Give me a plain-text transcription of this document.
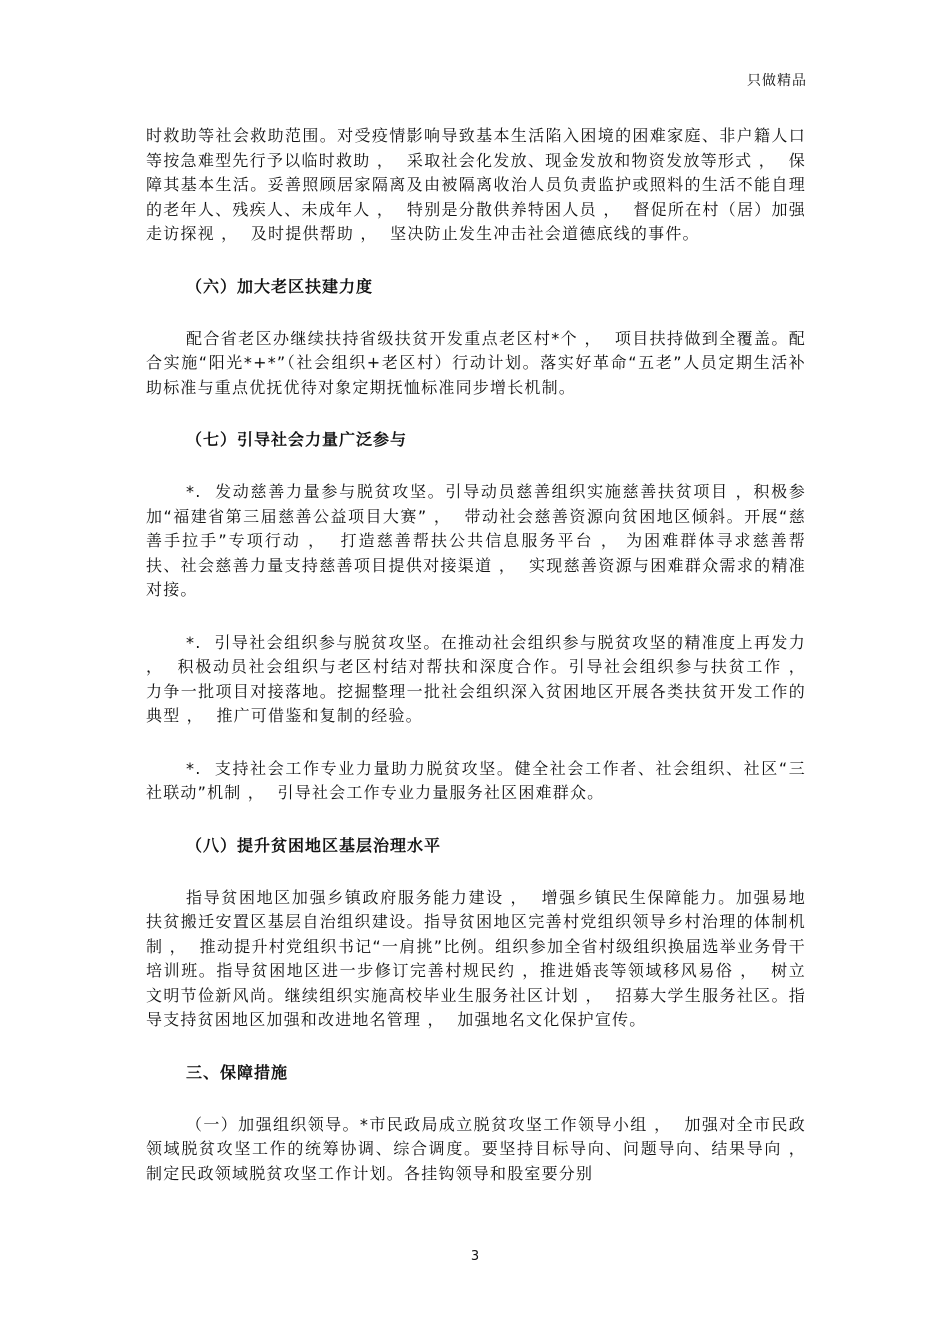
只做精品

时救助等社会救助范围。对受疫情影响导致基本生活陷入困境的困难家庭、非户籍人口等按急难型先行予以临时救助 ，  采取社会化发放、现金发放和物资发放等形式 ，  保障其基本生活。妥善照顾居家隔离及由被隔离收治人员负责监护或照料的生活不能自理的老年人、残疾人、未成年人 ，  特别是分散供养特困人员 ，  督促所在村（居）加强走访探视 ，  及时提供帮助 ，  坚决防止发生冲击社会道德底线的事件。

（六）加大老区扶建力度

配合省老区办继续扶持省级扶贫开发重点老区村*个 ，  项目扶持做到全覆盖。配合实施“阳光*+*”（社会组织+老区村）行动计划。落实好革命“五老”人员定期生活补助标准与重点优抚优待对象定期抚恤标准同步增长机制。

（七）引导社会力量广泛参与

*.  发动慈善力量参与脱贫攻坚。引导动员慈善组织实施慈善扶贫项目 ，积极参加“福建省第三届慈善公益项目大赛” ，  带动社会慈善资源向贫困地区倾斜。开展“慈善手拉手”专项行动 ，  打造慈善帮扶公共信息服务平台 ， 为困难群体寻求慈善帮扶、社会慈善力量支持慈善项目提供对接渠道 ，  实现慈善资源与困难群众需求的精准对接。

*.  引导社会组织参与脱贫攻坚。在推动社会组织参与脱贫攻坚的精准度上再发力 ，  积极动员社会组织与老区村结对帮扶和深度合作。引导社会组织参与扶贫工作 ，  力争一批项目对接落地。挖掘整理一批社会组织深入贫困地区开展各类扶贫开发工作的典型 ，  推广可借鉴和复制的经验。

*.  支持社会工作专业力量助力脱贫攻坚。健全社会工作者、社会组织、社区“三社联动”机制 ，  引导社会工作专业力量服务社区困难群众。

（八）提升贫困地区基层治理水平

指导贫困地区加强乡镇政府服务能力建设 ，  增强乡镇民生保障能力。加强易地扶贫搬迁安置区基层自治组织建设。指导贫困地区完善村党组织领导乡村治理的体制机制 ，  推动提升村党组织书记“一肩挑”比例。组织参加全省村级组织换届选举业务骨干培训班。指导贫困地区进一步修订完善村规民约 ，推进婚丧等领域移风易俗 ，  树立文明节俭新风尚。继续组织实施高校毕业生服务社区计划 ，  招募大学生服务社区。指导支持贫困地区加强和改进地名管理 ，  加强地名文化保护宣传。

三、保障措施

（一）加强组织领导。*市民政局成立脱贫攻坚工作领导小组 ，  加强对全市民政领域脱贫攻坚工作的统筹协调、综合调度。要坚持目标导向、问题导向、结果导向 ，  制定民政领域脱贫攻坚工作计划。各挂钩领导和股室要分别

3
